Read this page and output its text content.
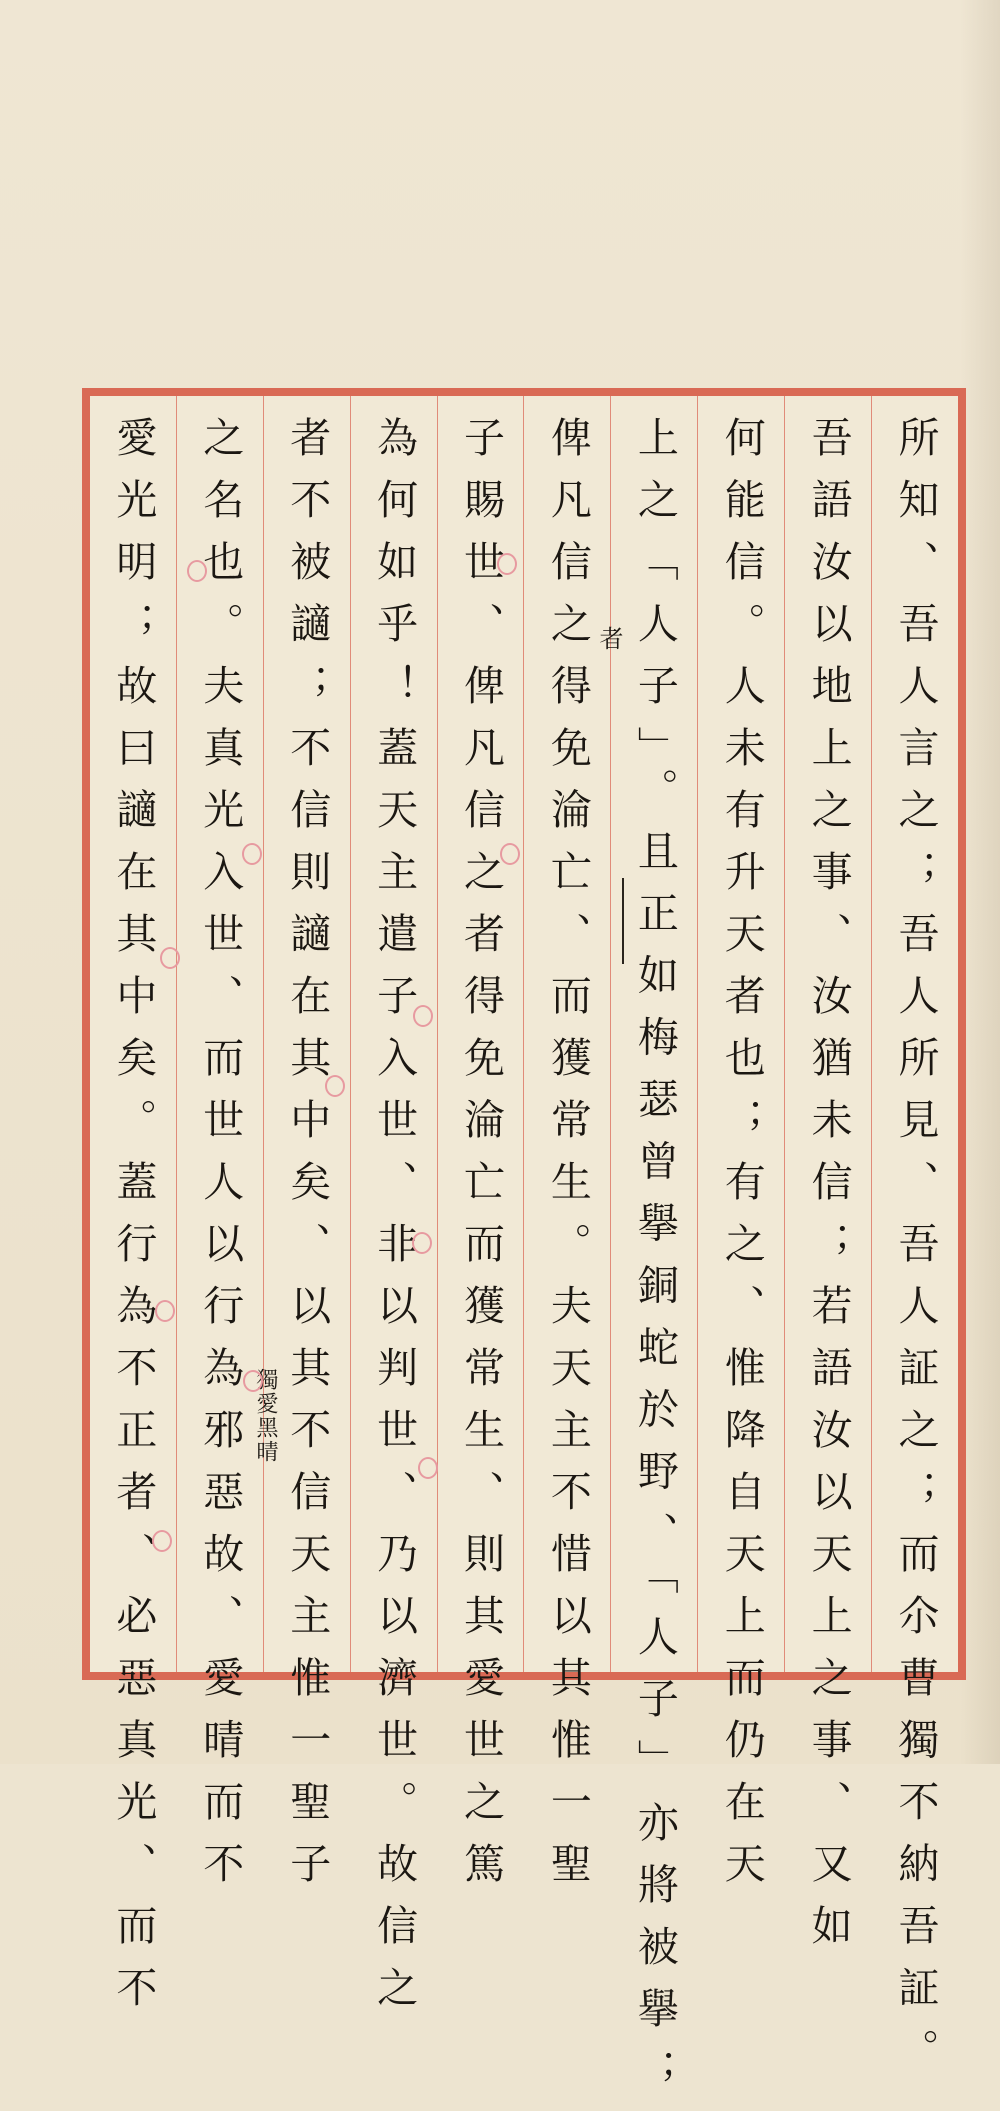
所知、吾人言之；吾人所見、吾人証之；而尒曹獨不納吾証。
吾語汝以地上之事、汝猶未信；若語汝以天上之事、又如
何能信。人未有升天者也；有之、惟降自天上而仍在天
上之「人子」。且正如梅瑟曾擧銅蛇於野、「人子」亦將被擧；
俾凡信之得免淪亡、而獲常生。夫天主不惜以其惟一聖
子賜世、俾凡信之者得免淪亡而獲常生、則其愛世之篤
為何如乎！蓋天主遣子入世、非以判世、乃以濟世。故信之
者不被讁；不信則讁在其中矣、以其不信天主惟一聖子
之名也。夫真光入世、而世人以行為邪惡故、愛晴而不
愛光明；故曰讁在其中矣。蓋行為不正者、必惡真光、而不	者
獨愛黑晴
